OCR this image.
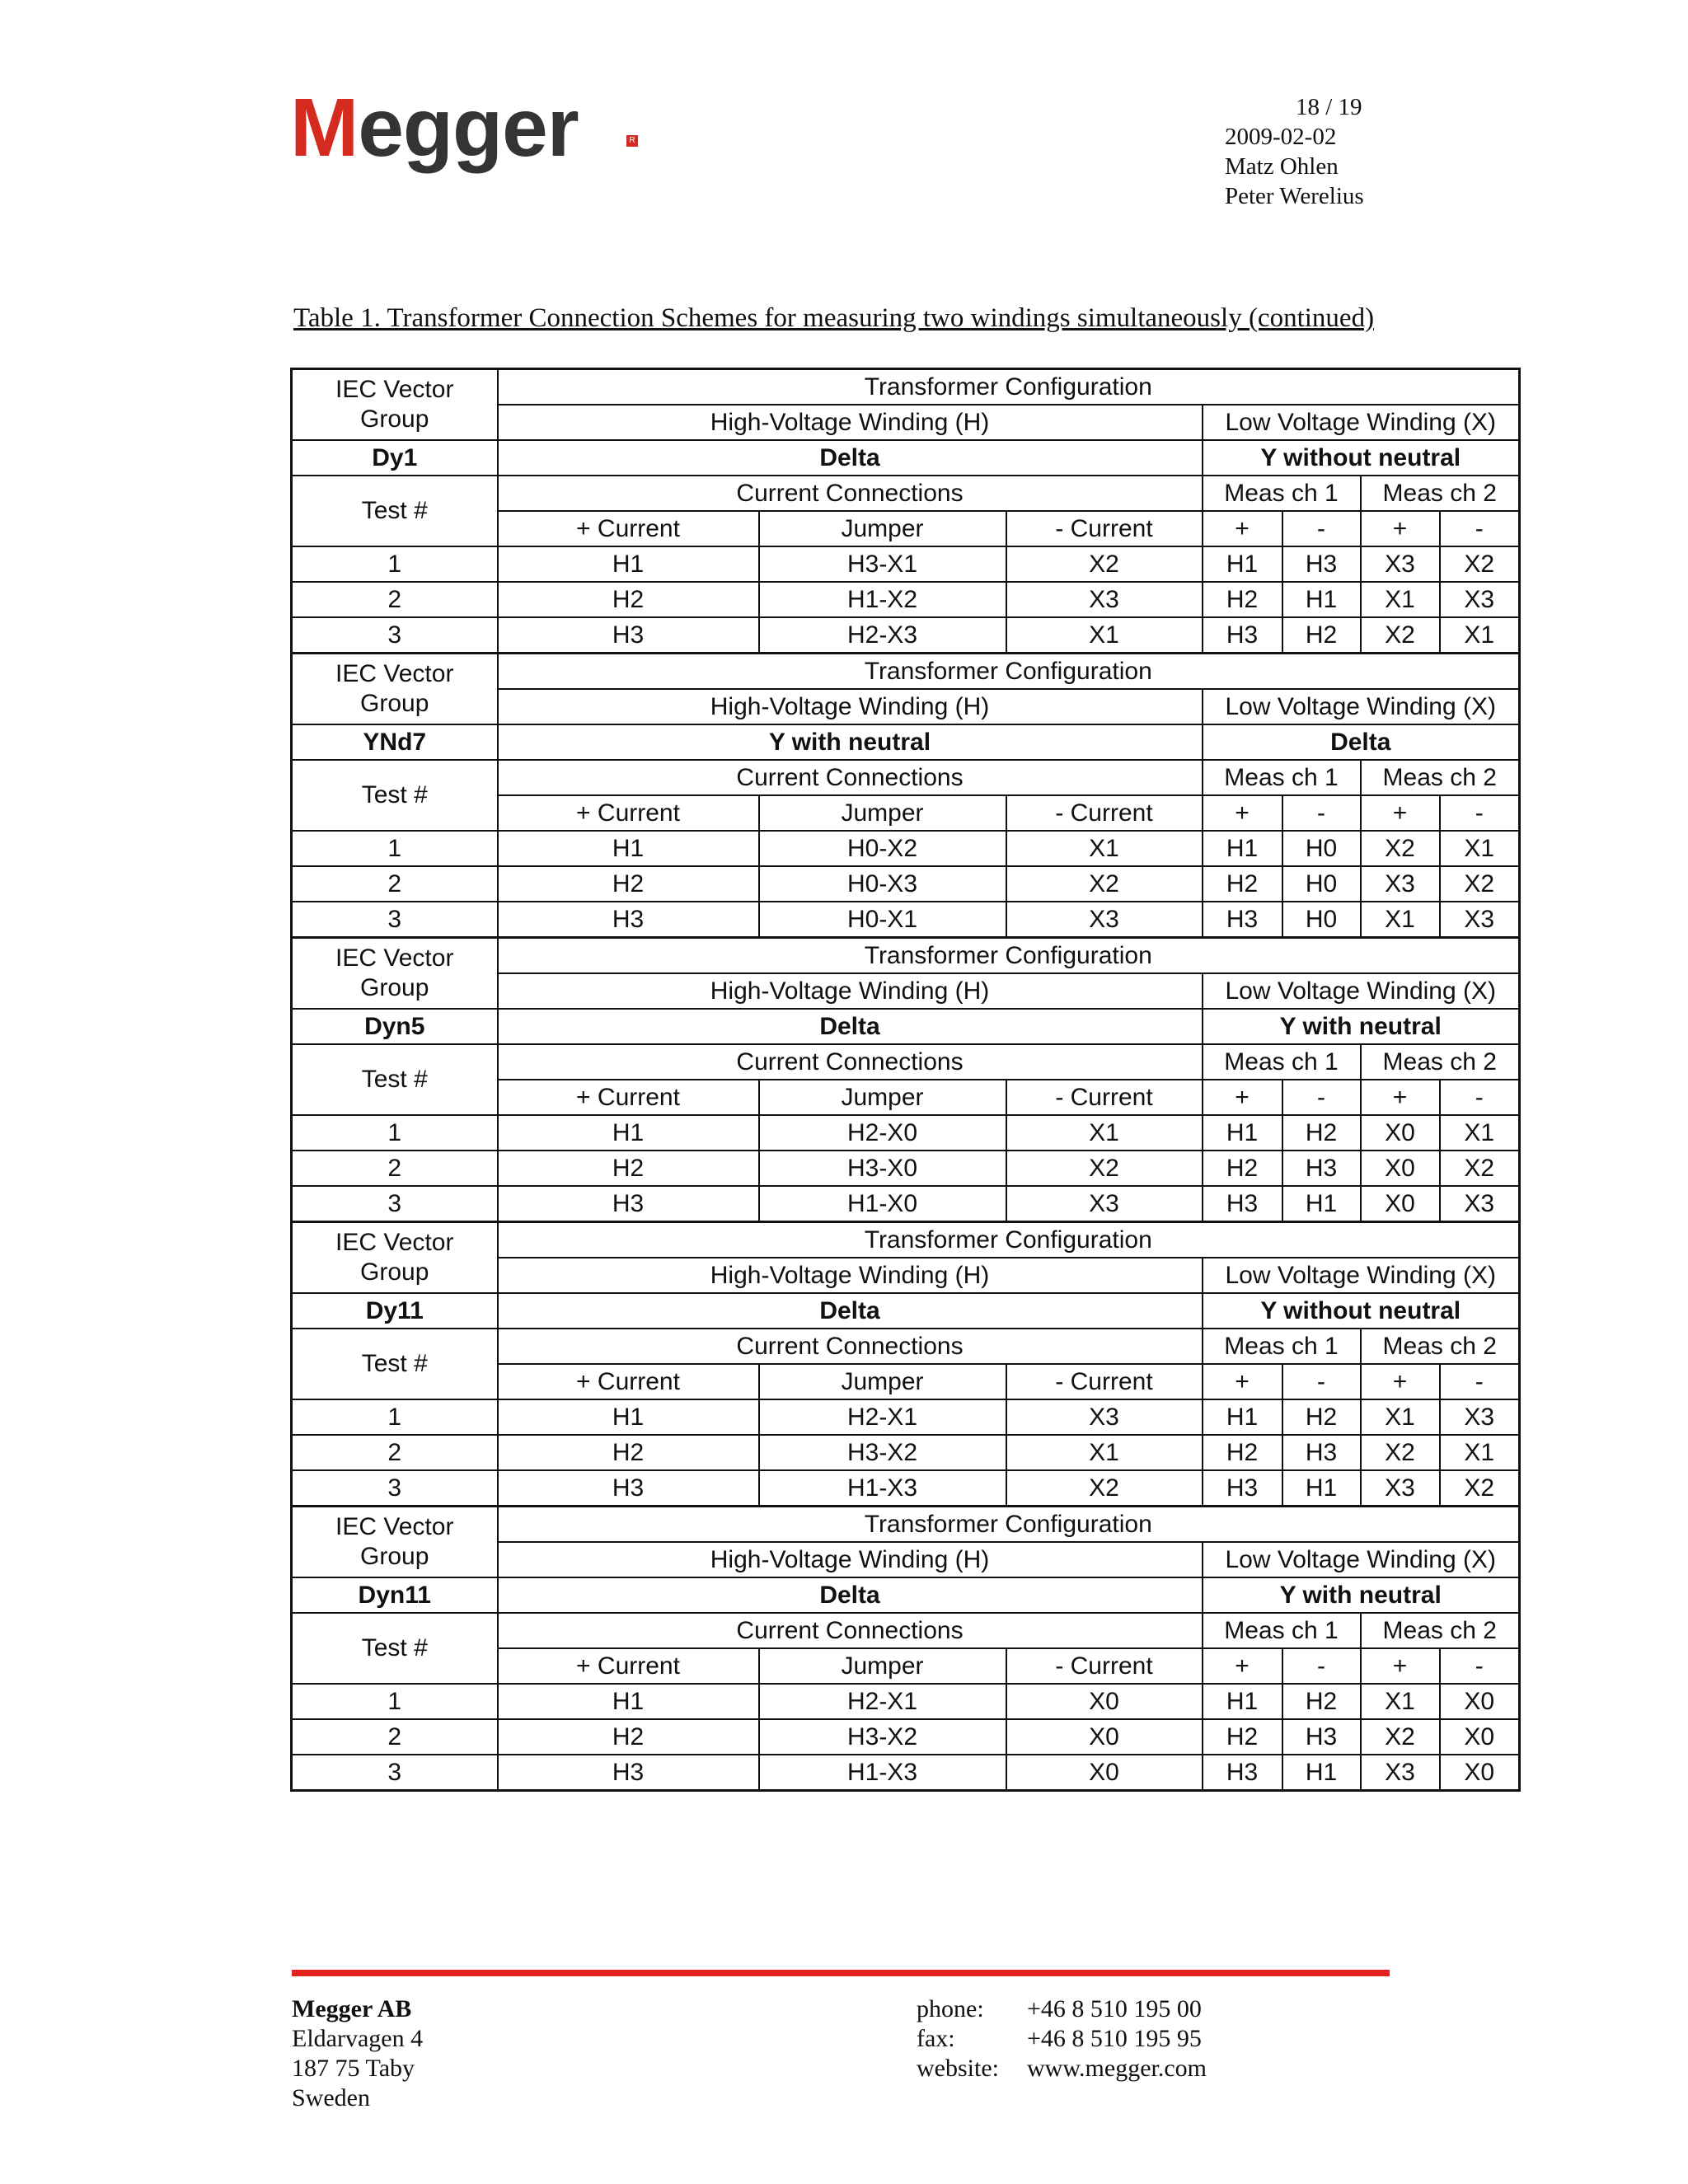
Megger	R
18 / 19
2009-02-02
Matz Ohlen
Peter Werelius
Table 1. Transformer Connection Schemes for measuring two windings simultaneously (continued)
IEC Vector
Group	Transformer Configuration						
	High-Voltage Winding (H)			Low Voltage Winding (X)			
Dy1	Delta			Y without neutral			
Test #	Current Connections			Meas ch 1		Meas ch 2	
	+ Current	Jumper	- Current	+	-	+	-
1	H1	H3-X1	X2	H1	H3	X3	X2
2	H2	H1-X2	X3	H2	H1	X1	X3
3	H3	H2-X3	X1	H3	H2	X2	X1
IEC Vector
Group	Transformer Configuration						
	High-Voltage Winding (H)			Low Voltage Winding (X)			
YNd7	Y with neutral			Delta			
Test #	Current Connections			Meas ch 1		Meas ch 2	
	+ Current	Jumper	- Current	+	-	+	-
1	H1	H0-X2	X1	H1	H0	X2	X1
2	H2	H0-X3	X2	H2	H0	X3	X2
3	H3	H0-X1	X3	H3	H0	X1	X3
IEC Vector
Group	Transformer Configuration						
	High-Voltage Winding (H)			Low Voltage Winding (X)			
Dyn5	Delta			Y with neutral			
Test #	Current Connections			Meas ch 1		Meas ch 2	
	+ Current	Jumper	- Current	+	-	+	-
1	H1	H2-X0	X1	H1	H2	X0	X1
2	H2	H3-X0	X2	H2	H3	X0	X2
3	H3	H1-X0	X3	H3	H1	X0	X3
IEC Vector
Group	Transformer Configuration						
	High-Voltage Winding (H)			Low Voltage Winding (X)			
Dy11	Delta			Y without neutral			
Test #	Current Connections			Meas ch 1		Meas ch 2	
	+ Current	Jumper	- Current	+	-	+	-
1	H1	H2-X1	X3	H1	H2	X1	X3
2	H2	H3-X2	X1	H2	H3	X2	X1
3	H3	H1-X3	X2	H3	H1	X3	X2
IEC Vector
Group	Transformer Configuration						
	High-Voltage Winding (H)			Low Voltage Winding (X)			
Dyn11	Delta			Y with neutral			
Test #	Current Connections			Meas ch 1		Meas ch 2	
	+ Current	Jumper	- Current	+	-	+	-
1	H1	H2-X1	X0	H1	H2	X1	X0
2	H2	H3-X2	X0	H2	H3	X2	X0
3	H3	H1-X3	X0	H3	H1	X3	X0
Megger AB
Eldarvagen 4
187 75 Taby
Sweden
phone:	+46 8 510 195 00
fax:	+46 8 510 195 95
website:	www.megger.com
